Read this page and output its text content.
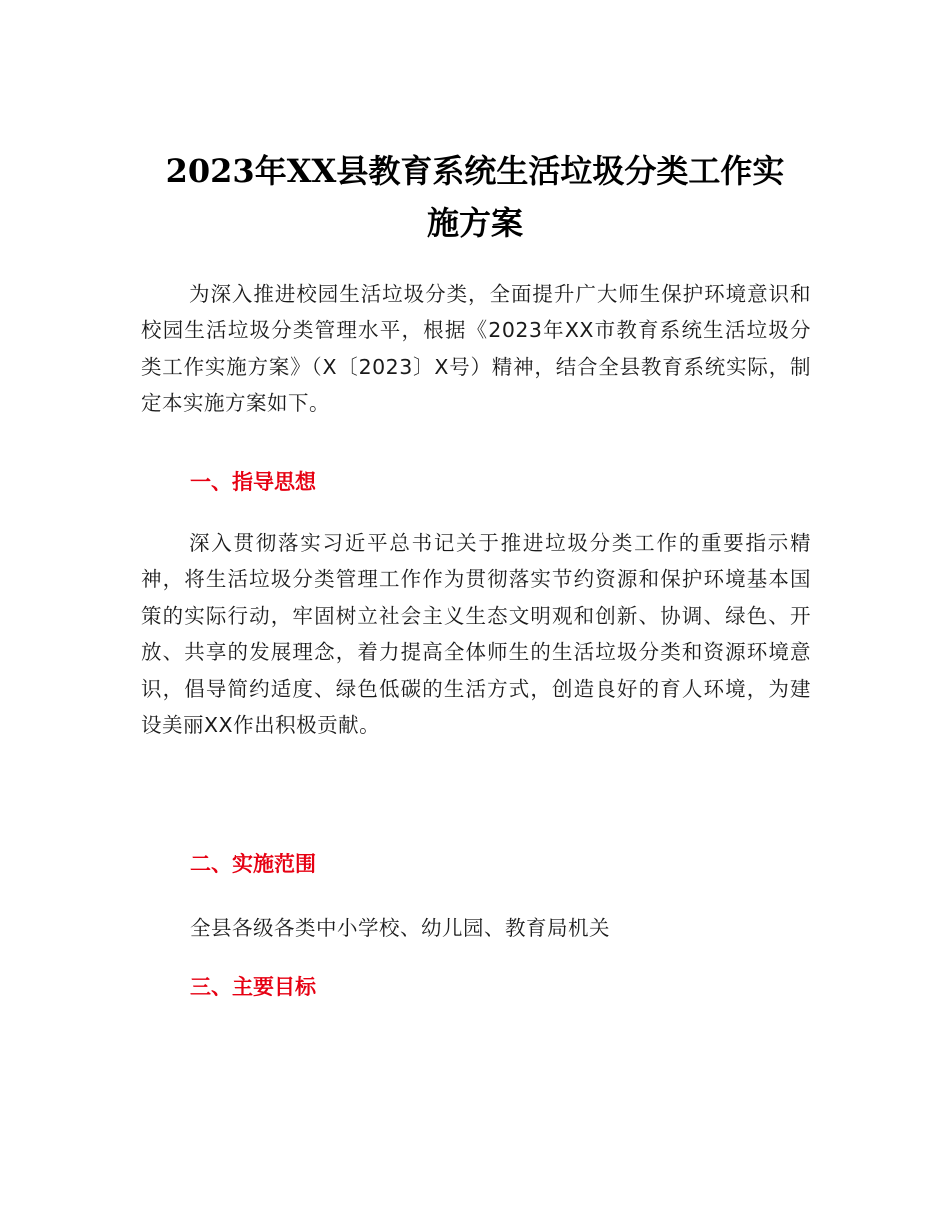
2023年XX县教育系统生活垃圾分类工作实
施方案

为深入推进校园生活垃圾分类，全面提升广大师生保护环境意识和校园生活垃圾分类管理水平，根据《2023年XX市教育系统生活垃圾分类工作实施方案》（X〔2023〕X号）精神，结合全县教育系统实际，制定本实施方案如下。

一、指导思想

深入贯彻落实习近平总书记关于推进垃圾分类工作的重要指示精神，将生活垃圾分类管理工作作为贯彻落实节约资源和保护环境基本国策的实际行动，牢固树立社会主义生态文明观和创新、协调、绿色、开放、共享的发展理念，着力提高全体师生的生活垃圾分类和资源环境意识，倡导简约适度、绿色低碳的生活方式，创造良好的育人环境，为建设美丽XX作出积极贡献。

二、实施范围

全县各级各类中小学校、幼儿园、教育局机关

三、主要目标
